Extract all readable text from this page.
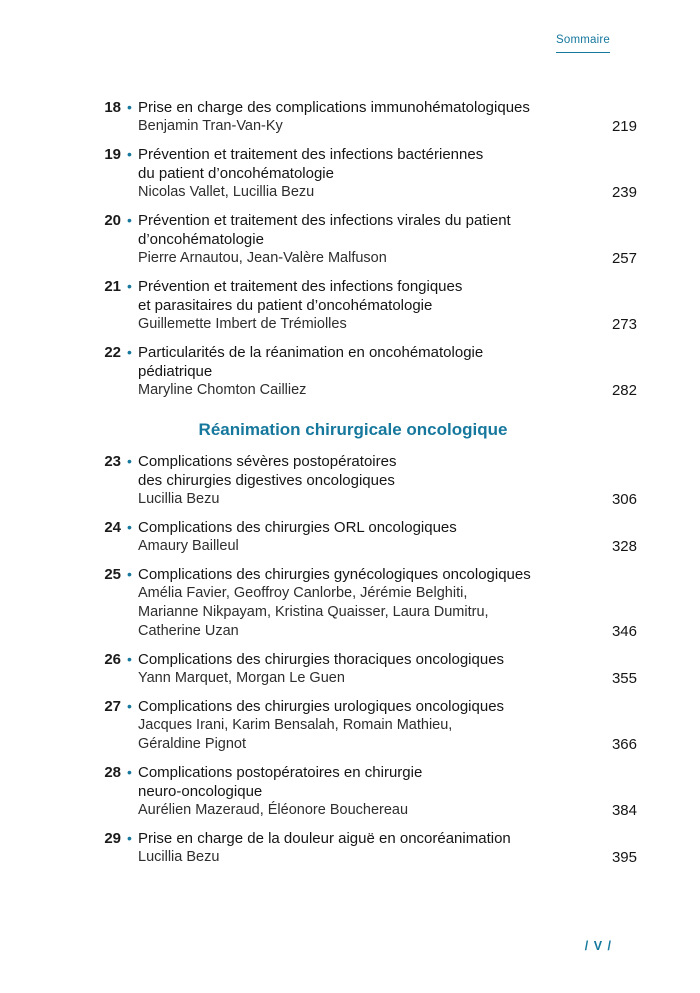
Sommaire
18 • Prise en charge des complications immunohématologiques
Benjamin Tran-Van-Ky	219
19 • Prévention et traitement des infections bactériennes
du patient d’oncohématologie
Nicolas Vallet, Lucillia Bezu	239
20 • Prévention et traitement des infections virales du patient
d’oncohématologie
Pierre Arnautou, Jean-Valère Malfuson	257
21 • Prévention et traitement des infections fongiques
et parasitaires du patient d’oncohématologie
Guillemette Imbert de Trémiolles	273
22 • Particularités de la réanimation en oncohématologie
pédiatrique
Maryline Chomton Cailliez	282
Réanimation chirurgicale oncologique
23 • Complications sévères postopératoires
des chirurgies digestives oncologiques
Lucillia Bezu	306
24 • Complications des chirurgies ORL oncologiques
Amaury Bailleul	328
25 • Complications des chirurgies gynécologiques oncologiques
Amélia Favier, Geoffroy Canlorbe, Jérémie Belghiti,
Marianne Nikpayam, Kristina Quaisser, Laura Dumitru,
Catherine Uzan	346
26 • Complications des chirurgies thoraciques oncologiques
Yann Marquet, Morgan Le Guen	355
27 • Complications des chirurgies urologiques oncologiques
Jacques Irani, Karim Bensalah, Romain Mathieu,
Géraldine Pignot	366
28 • Complications postopératoires en chirurgie
neuro-oncologique
Aurélien Mazeraud, Éléonore Bouchereau	384
29 • Prise en charge de la douleur aiguë en oncoréanimation
Lucillia Bezu	395
/ V /
